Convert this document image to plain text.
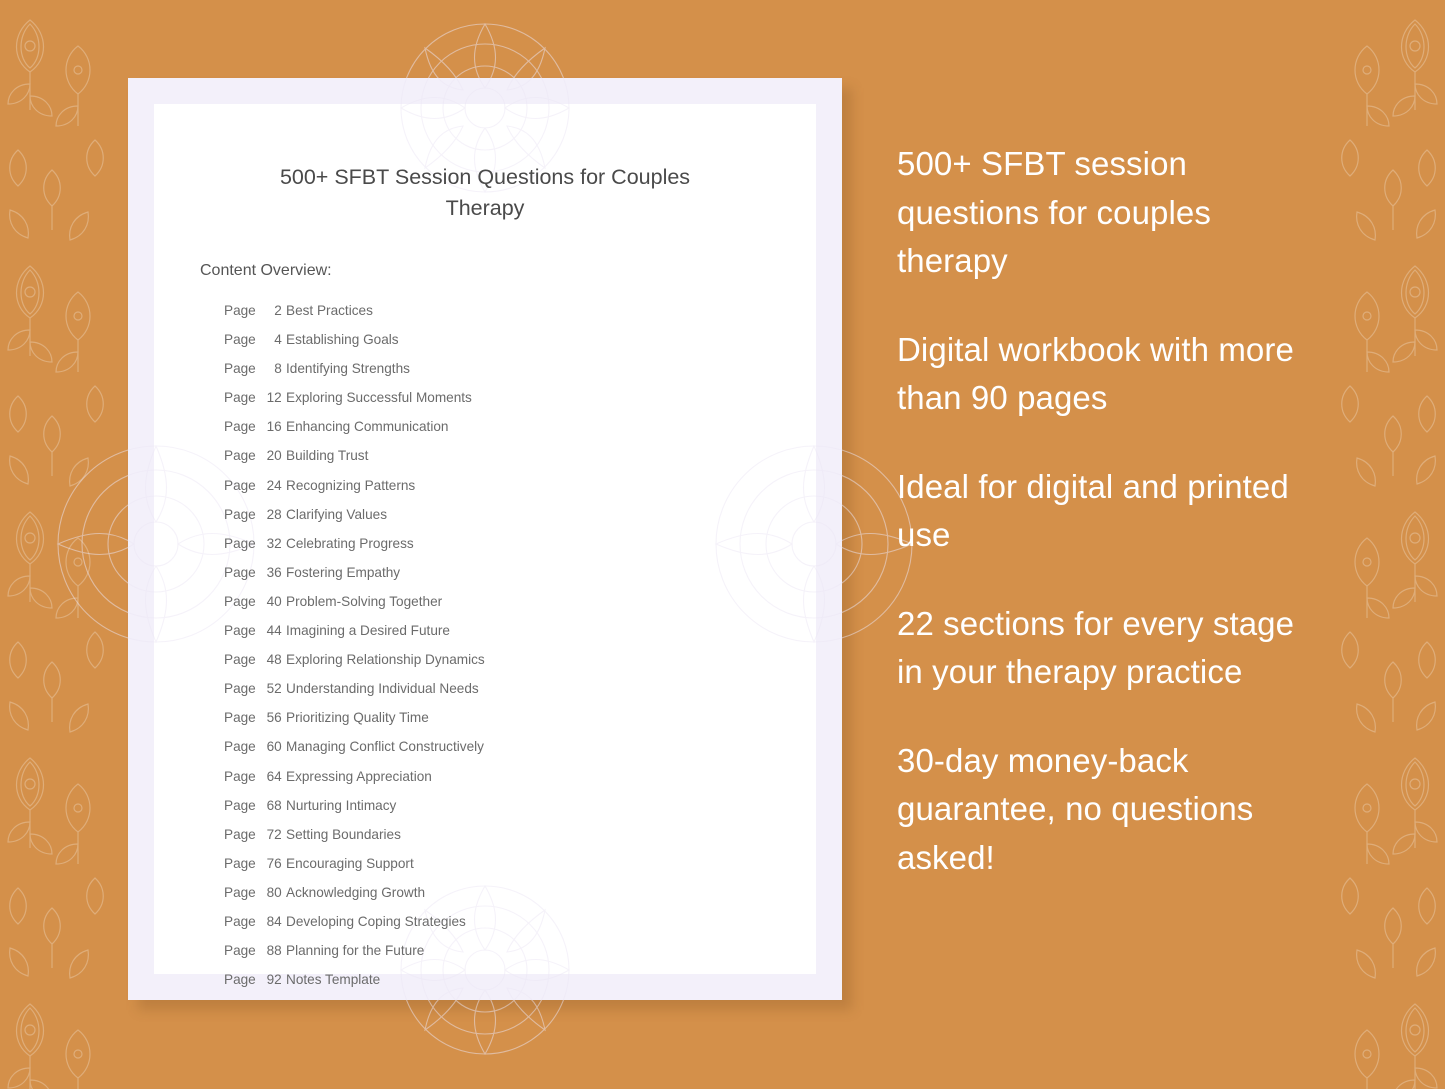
500+ SFBT Session Questions for Couples Therapy
Content Overview:
Page 2 Best Practices
Page 4 Establishing Goals
Page 8 Identifying Strengths
Page 12 Exploring Successful Moments
Page 16 Enhancing Communication
Page 20 Building Trust
Page 24 Recognizing Patterns
Page 28 Clarifying Values
Page 32 Celebrating Progress
Page 36 Fostering Empathy
Page 40 Problem-Solving Together
Page 44 Imagining a Desired Future
Page 48 Exploring Relationship Dynamics
Page 52 Understanding Individual Needs
Page 56 Prioritizing Quality Time
Page 60 Managing Conflict Constructively
Page 64 Expressing Appreciation
Page 68 Nurturing Intimacy
Page 72 Setting Boundaries
Page 76 Encouraging Support
Page 80 Acknowledging Growth
Page 84 Developing Coping Strategies
Page 88 Planning for the Future
Page 92 Notes Template
500+ SFBT session questions for couples therapy
Digital workbook with more than 90 pages
Ideal for digital and printed use
22 sections for every stage in your therapy practice
30-day money-back guarantee, no questions asked!
